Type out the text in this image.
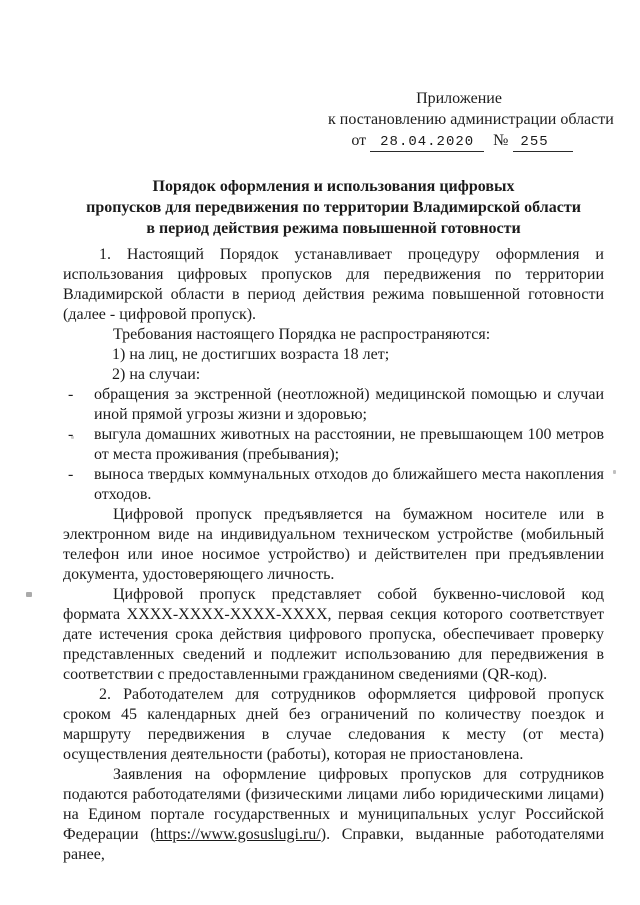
Приложение
к постановлению администрации области
от 28.04.2020 № 255
Порядок оформления и использования цифровых
пропусков для передвижения по территории Владимирской области
в период действия режима повышенной готовности

1. Настоящий Порядок устанавливает процедуру оформления и использования цифровых пропусков для передвижения по территории Владимирской области в период действия режима повышенной готовности (далее - цифровой пропуск).

Требования настоящего Порядка не распространяются:

1) на лиц, не достигших возраста 18 лет;

2) на случаи:

- обращения за экстренной (неотложной) медицинской помощью и случаи иной прямой угрозы жизни и здоровью;
- выгула домашних животных на расстоянии, не превышающем 100 метров от места проживания (пребывания);
- выноса твердых коммунальных отходов до ближайшего места накопления отходов.

Цифровой пропуск предъявляется на бумажном носителе или в электронном виде на индивидуальном техническом устройстве (мобильный телефон или иное носимое устройство) и действителен при предъявлении документа, удостоверяющего личность.

Цифровой пропуск представляет собой буквенно-числовой код формата ХХХХ-ХХХХ-ХХХХ-ХХХХ, первая секция которого соответствует дате истечения срока действия цифрового пропуска, обеспечивает проверку представленных сведений и подлежит использованию для передвижения в соответствии с предоставленными гражданином сведениями (QR-код).

2. Работодателем для сотрудников оформляется цифровой пропуск сроком 45 календарных дней без ограничений по количеству поездок и маршруту передвижения в случае следования к месту (от места) осуществления деятельности (работы), которая не приостановлена.

Заявления на оформление цифровых пропусков для сотрудников подаются работодателями (физическими лицами либо юридическими лицами) на Едином портале государственных и муниципальных услуг Российской Федерации (https://www.gosuslugi.ru/). Справки, выданные работодателями ранее,
